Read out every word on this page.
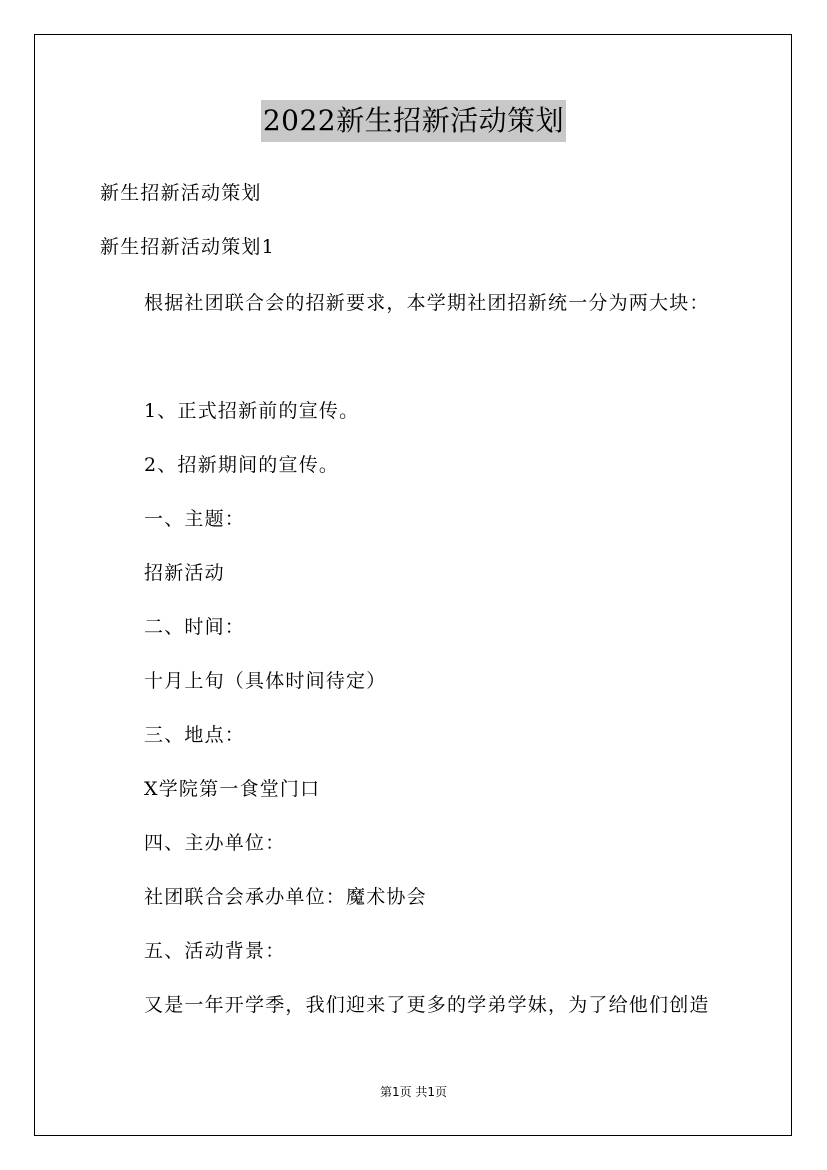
2022新生招新活动策划
新生招新活动策划
新生招新活动策划1
根据社团联合会的招新要求，本学期社团招新统一分为两大块：
1、正式招新前的宣传。
2、招新期间的宣传。
一、主题：
招新活动
二、时间：
十月上旬（具体时间待定）
三、地点：
X学院第一食堂门口
四、主办单位：
社团联合会承办单位：魔术协会
五、活动背景：
又是一年开学季，我们迎来了更多的学弟学妹，为了给他们创造
第1页 共1页
